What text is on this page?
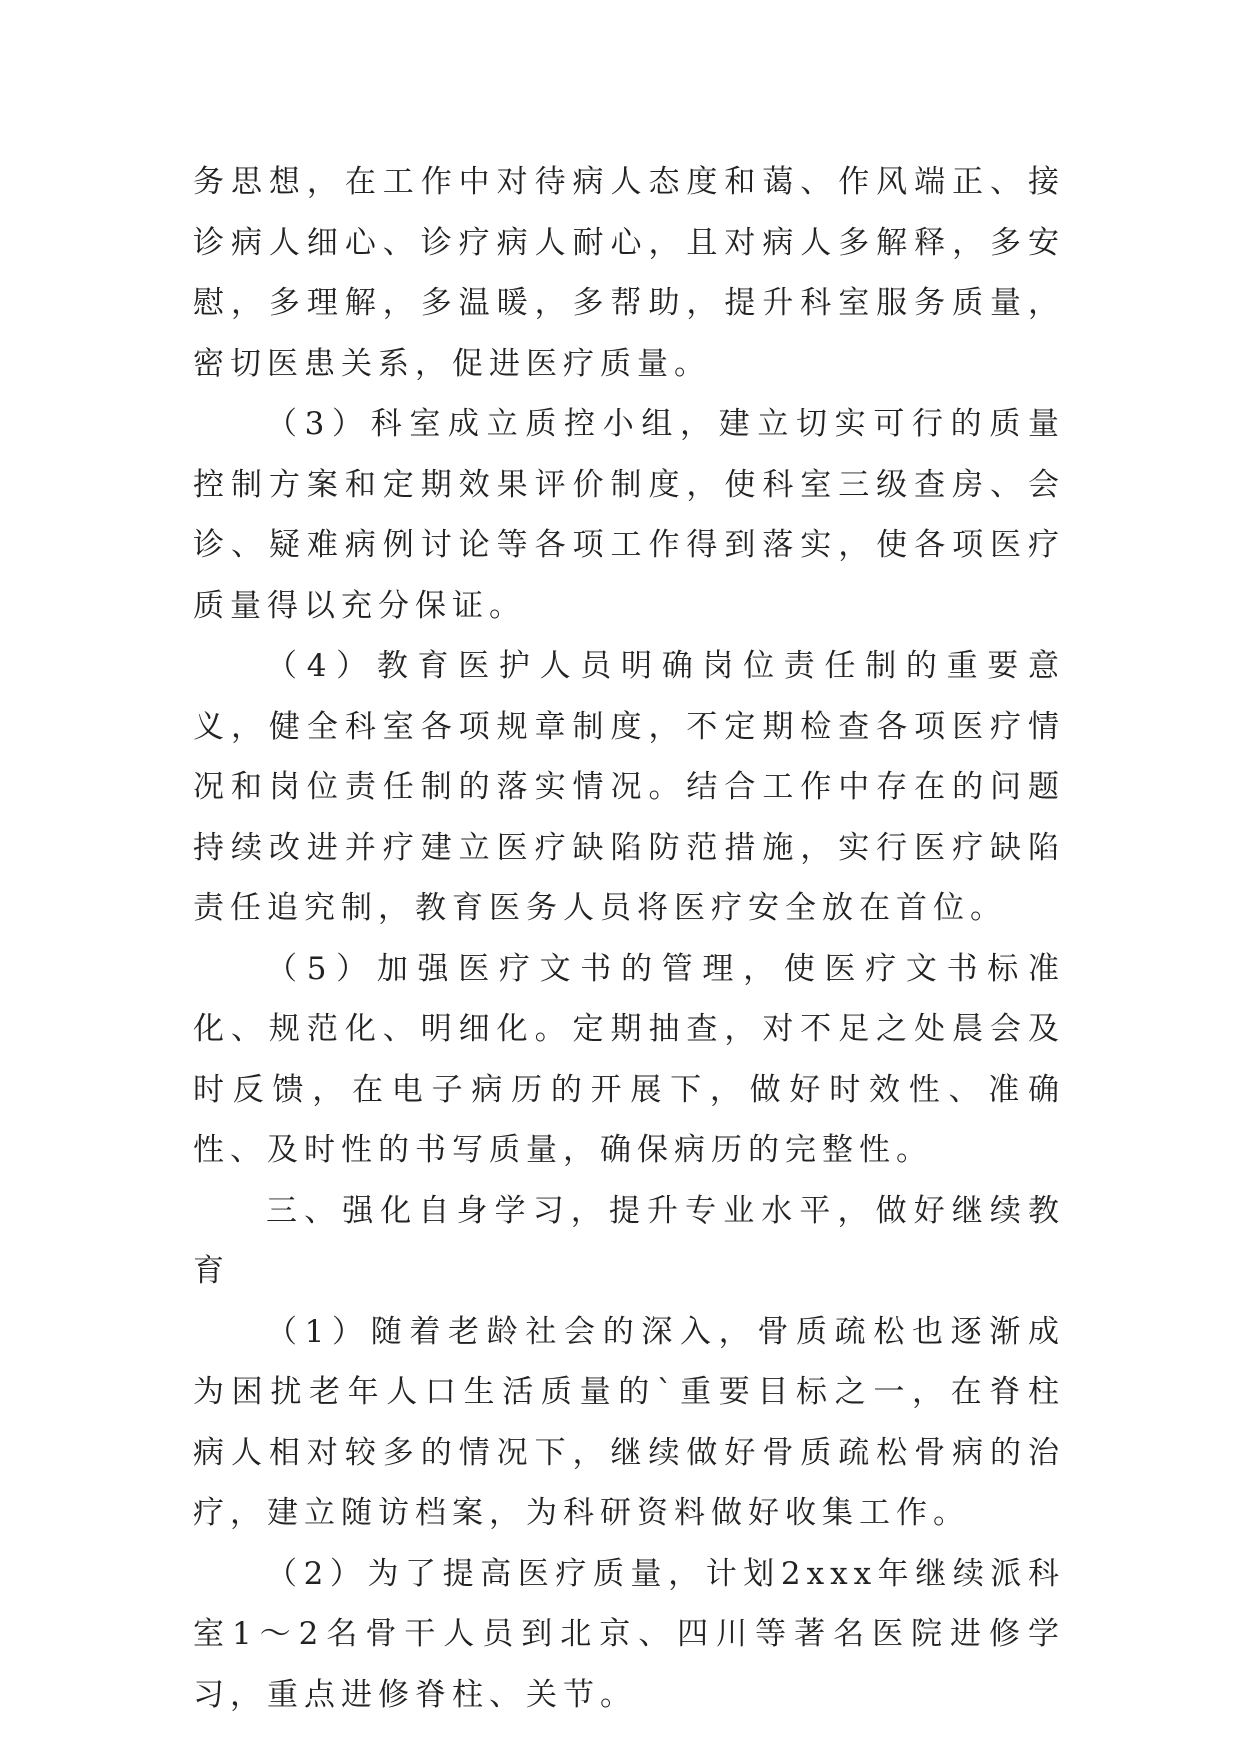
务思想，在工作中对待病人态度和蔼、作风端正、接诊病人细心、诊疗病人耐心，且对病人多解释，多安慰，多理解，多温暖，多帮助，提升科室服务质量，密切医患关系，促进医疗质量。

（3）科室成立质控小组，建立切实可行的质量控制方案和定期效果评价制度，使科室三级查房、会诊、疑难病例讨论等各项工作得到落实，使各项医疗质量得以充分保证。

（4）教育医护人员明确岗位责任制的重要意义，健全科室各项规章制度，不定期检查各项医疗情况和岗位责任制的落实情况。结合工作中存在的问题持续改进并疗建立医疗缺陷防范措施，实行医疗缺陷责任追究制，教育医务人员将医疗安全放在首位。

（5）加强医疗文书的管理，使医疗文书标准化、规范化、明细化。定期抽查，对不足之处晨会及时反馈，在电子病历的开展下，做好时效性、准确性、及时性的书写质量，确保病历的完整性。

三、强化自身学习，提升专业水平，做好继续教育

（1）随着老龄社会的深入，骨质疏松也逐渐成为困扰老年人口生活质量的`重要目标之一，在脊柱病人相对较多的情况下，继续做好骨质疏松骨病的治疗，建立随访档案，为科研资料做好收集工作。

（2）为了提高医疗质量，计划2xxx年继续派科室1～2名骨干人员到北京、四川等著名医院进修学习，重点进修脊柱、关节。
